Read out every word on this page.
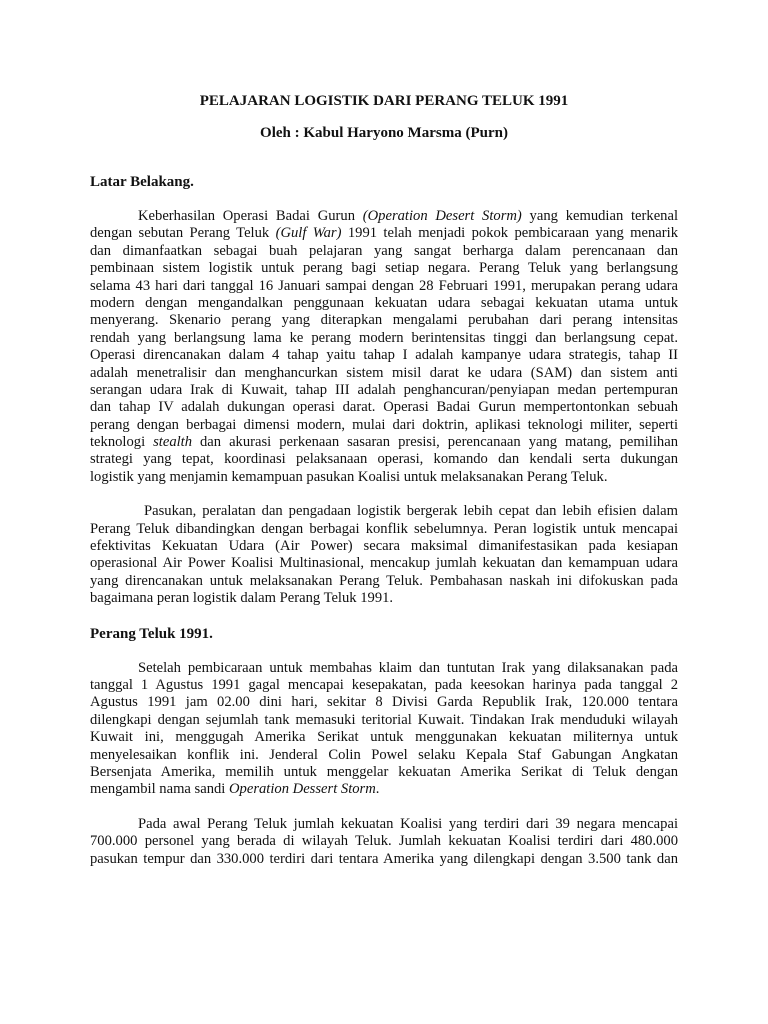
PELAJARAN LOGISTIK DARI PERANG TELUK 1991
Oleh : Kabul Haryono Marsma (Purn)
Latar Belakang.
Keberhasilan Operasi Badai Gurun (Operation Desert Storm) yang kemudian terkenal
dengan sebutan Perang Teluk (Gulf War) 1991 telah menjadi pokok pembicaraan yang menarik
dan dimanfaatkan sebagai buah pelajaran yang sangat berharga dalam perencanaan dan
pembinaan sistem logistik untuk perang bagi setiap negara. Perang Teluk yang berlangsung
selama 43 hari dari tanggal 16 Januari sampai dengan 28 Februari 1991, merupakan perang udara
modern dengan mengandalkan penggunaan kekuatan udara sebagai kekuatan utama untuk
menyerang. Skenario perang yang diterapkan mengalami perubahan dari perang intensitas
rendah yang berlangsung lama ke perang modern berintensitas tinggi dan berlangsung cepat.
Operasi direncanakan dalam 4 tahap yaitu tahap I adalah kampanye udara strategis, tahap II
adalah menetralisir dan menghancurkan sistem misil darat ke udara (SAM) dan sistem anti
serangan udara Irak di Kuwait, tahap III adalah penghancuran/penyiapan medan pertempuran
dan tahap IV adalah dukungan operasi darat. Operasi Badai Gurun mempertontonkan sebuah
perang dengan berbagai dimensi modern, mulai dari doktrin, aplikasi teknologi militer, seperti
teknologi stealth dan akurasi perkenaan sasaran presisi, perencanaan yang matang, pemilihan
strategi yang tepat, koordinasi pelaksanaan operasi, komando dan kendali serta dukungan
logistik yang menjamin kemampuan pasukan Koalisi untuk melaksanakan Perang Teluk.
Pasukan, peralatan dan pengadaan logistik bergerak lebih cepat dan lebih efisien dalam
Perang Teluk dibandingkan dengan berbagai konflik sebelumnya. Peran logistik untuk mencapai
efektivitas Kekuatan Udara (Air Power) secara maksimal dimanifestasikan pada kesiapan
operasional Air Power Koalisi Multinasional, mencakup jumlah kekuatan dan kemampuan udara
yang direncanakan untuk melaksanakan Perang Teluk. Pembahasan naskah ini difokuskan pada
bagaimana peran logistik dalam Perang Teluk 1991.
Perang Teluk 1991.
Setelah pembicaraan untuk membahas klaim dan tuntutan Irak yang dilaksanakan pada
tanggal 1 Agustus 1991 gagal mencapai kesepakatan, pada keesokan harinya pada tanggal 2
Agustus 1991 jam 02.00 dini hari, sekitar 8 Divisi Garda Republik Irak, 120.000 tentara
dilengkapi dengan sejumlah tank memasuki teritorial Kuwait. Tindakan Irak menduduki wilayah
Kuwait ini, menggugah Amerika Serikat untuk menggunakan kekuatan militernya untuk
menyelesaikan konflik ini. Jenderal Colin Powel selaku Kepala Staf Gabungan Angkatan
Bersenjata Amerika, memilih untuk menggelar kekuatan Amerika Serikat di Teluk dengan
mengambil nama sandi Operation Dessert Storm.
Pada awal Perang Teluk jumlah kekuatan Koalisi yang terdiri dari 39 negara mencapai
700.000 personel yang berada di wilayah Teluk. Jumlah kekuatan Koalisi terdiri dari 480.000
pasukan tempur dan 330.000 terdiri dari tentara Amerika yang dilengkapi dengan 3.500 tank dan
